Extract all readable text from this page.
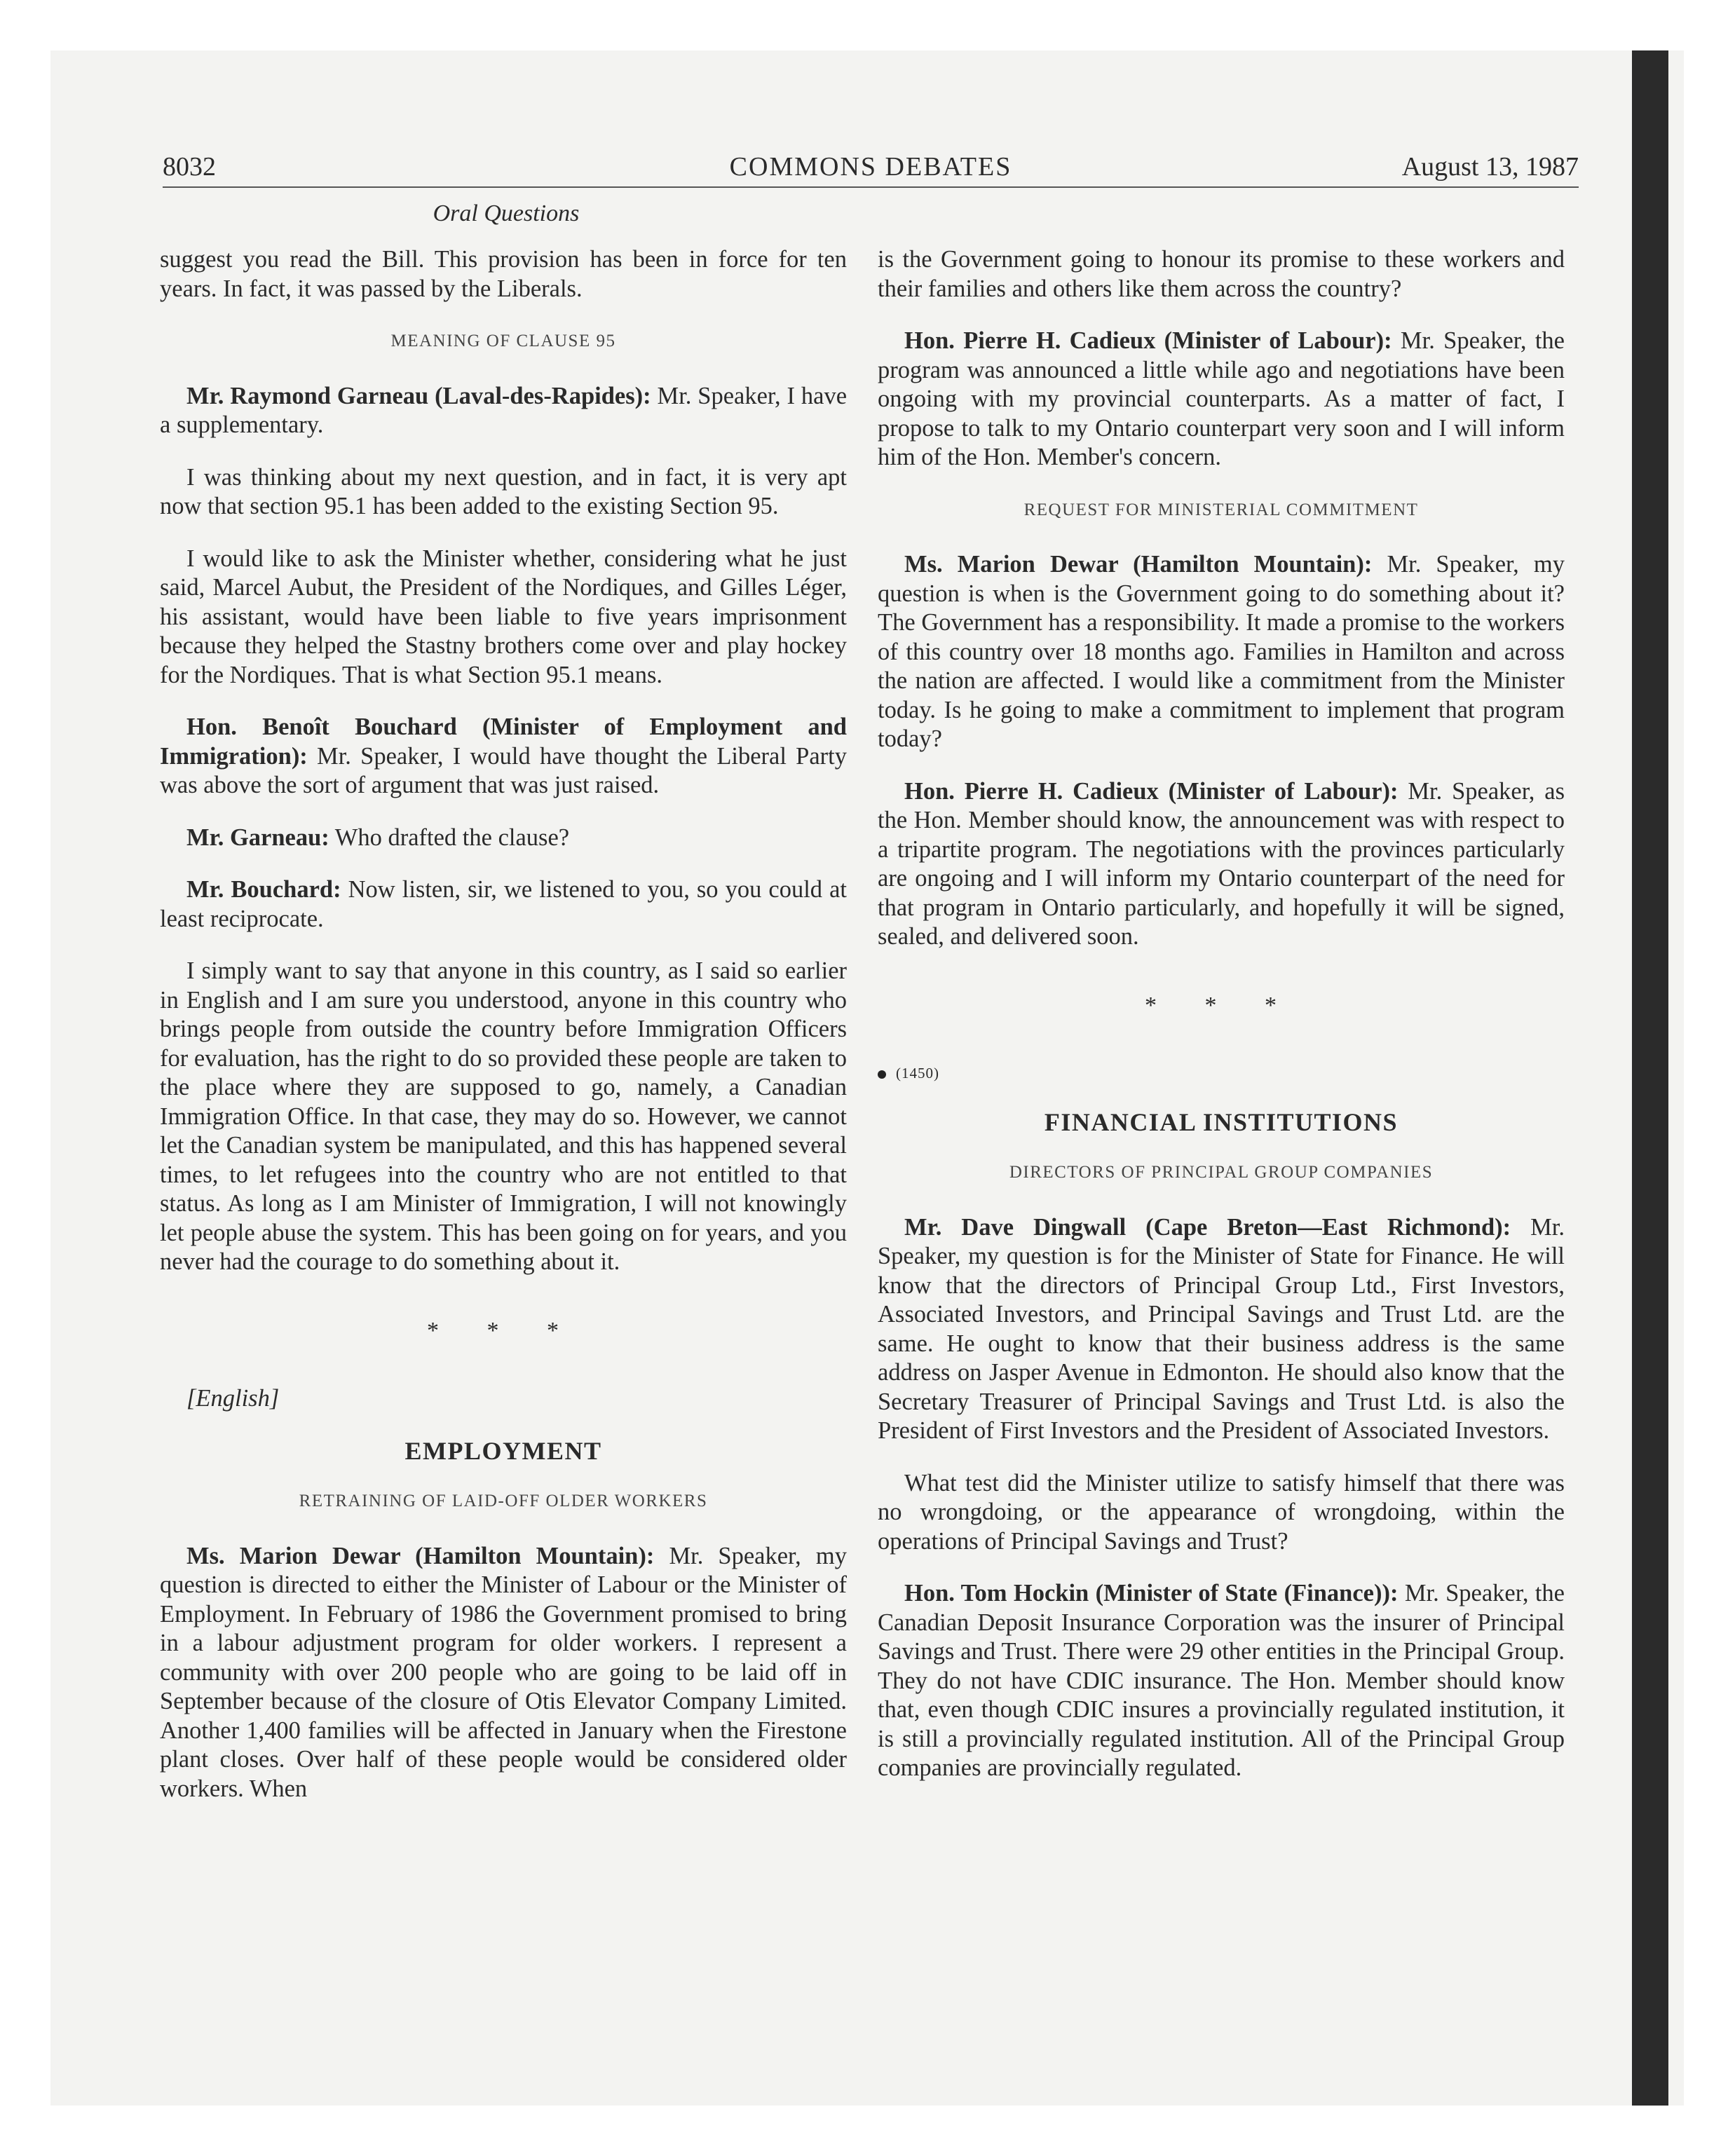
8032	COMMONS DEBATES	August 13, 1987
Oral Questions

suggest you read the Bill. This provision has been in force for ten years. In fact, it was passed by the Liberals.

MEANING OF CLAUSE 95

Mr. Raymond Garneau (Laval-des-Rapides): Mr. Speaker, I have a supplementary.

I was thinking about my next question, and in fact, it is very apt now that section 95.1 has been added to the existing Section 95.

I would like to ask the Minister whether, considering what he just said, Marcel Aubut, the President of the Nordiques, and Gilles Léger, his assistant, would have been liable to five years imprisonment because they helped the Stastny brothers come over and play hockey for the Nordiques. That is what Section 95.1 means.

Hon. Benoît Bouchard (Minister of Employment and Immigration): Mr. Speaker, I would have thought the Liberal Party was above the sort of argument that was just raised.

Mr. Garneau: Who drafted the clause?

Mr. Bouchard: Now listen, sir, we listened to you, so you could at least reciprocate.

I simply want to say that anyone in this country, as I said so earlier in English and I am sure you understood, anyone in this country who brings people from outside the country before Immigration Officers for evaluation, has the right to do so provided these people are taken to the place where they are supposed to go, namely, a Canadian Immigration Office. In that case, they may do so. However, we cannot let the Canadian system be manipulated, and this has happened several times, to let refugees into the country who are not entitled to that status. As long as I am Minister of Immigration, I will not knowingly let people abuse the system. This has been going on for years, and you never had the courage to do something about it.

* * *

[English]

EMPLOYMENT
RETRAINING OF LAID-OFF OLDER WORKERS

Ms. Marion Dewar (Hamilton Mountain): Mr. Speaker, my question is directed to either the Minister of Labour or the Minister of Employment. In February of 1986 the Government promised to bring in a labour adjustment program for older workers. I represent a community with over 200 people who are going to be laid off in September because of the closure of Otis Elevator Company Limited. Another 1,400 families will be affected in January when the Firestone plant closes. Over half of these people would be considered older workers. When

is the Government going to honour its promise to these workers and their families and others like them across the country?

Hon. Pierre H. Cadieux (Minister of Labour): Mr. Speaker, the program was announced a little while ago and negotiations have been ongoing with my provincial counterparts. As a matter of fact, I propose to talk to my Ontario counterpart very soon and I will inform him of the Hon. Member's concern.

REQUEST FOR MINISTERIAL COMMITMENT

Ms. Marion Dewar (Hamilton Mountain): Mr. Speaker, my question is when is the Government going to do something about it? The Government has a responsibility. It made a promise to the workers of this country over 18 months ago. Families in Hamilton and across the nation are affected. I would like a commitment from the Minister today. Is he going to make a commitment to implement that program today?

Hon. Pierre H. Cadieux (Minister of Labour): Mr. Speaker, as the Hon. Member should know, the announcement was with respect to a tripartite program. The negotiations with the provinces particularly are ongoing and I will inform my Ontario counterpart of the need for that program in Ontario particularly, and hopefully it will be signed, sealed, and delivered soon.

* * *
(1450)
FINANCIAL INSTITUTIONS
DIRECTORS OF PRINCIPAL GROUP COMPANIES

Mr. Dave Dingwall (Cape Breton—East Richmond): Mr. Speaker, my question is for the Minister of State for Finance. He will know that the directors of Principal Group Ltd., First Investors, Associated Investors, and Principal Savings and Trust Ltd. are the same. He ought to know that their business address is the same address on Jasper Avenue in Edmonton. He should also know that the Secretary Treasurer of Principal Savings and Trust Ltd. is also the President of First Investors and the President of Associated Investors.

What test did the Minister utilize to satisfy himself that there was no wrongdoing, or the appearance of wrongdoing, within the operations of Principal Savings and Trust?

Hon. Tom Hockin (Minister of State (Finance)): Mr. Speaker, the Canadian Deposit Insurance Corporation was the insurer of Principal Savings and Trust. There were 29 other entities in the Principal Group. They do not have CDIC insurance. The Hon. Member should know that, even though CDIC insures a provincially regulated institution, it is still a provincially regulated institution. All of the Principal Group companies are provincially regulated.
